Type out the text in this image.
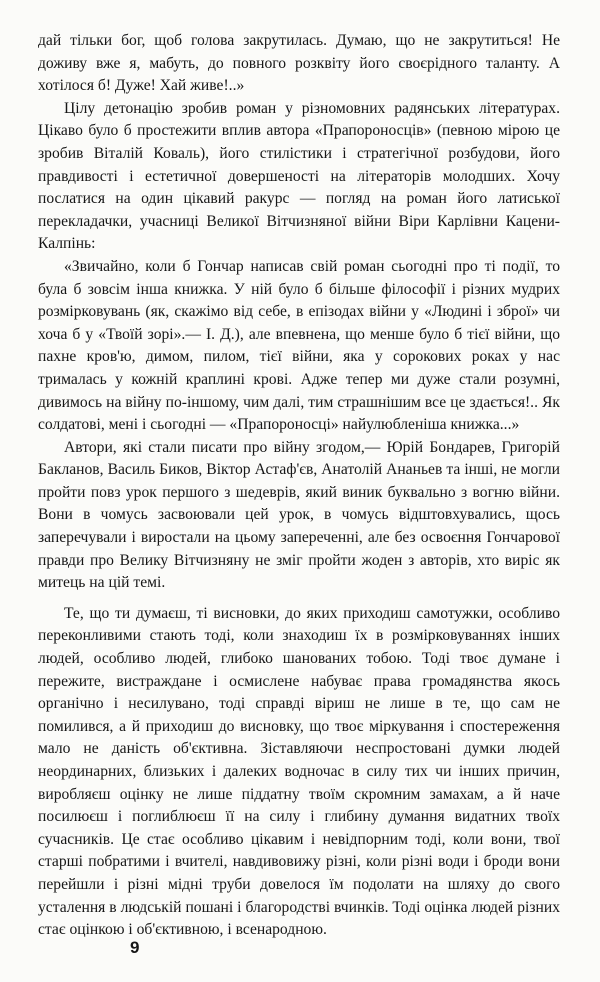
дай тільки бог, щоб голова закрутилась. Думаю, що не закрутиться! Не доживу вже я, мабуть, до повного розквіту його своєрідного таланту. А хотілося б! Дуже! Хай живе!..»

Цілу детонацію зробив роман у різномовних радянських літературах. Цікаво було б простежити вплив автора «Прапороносців» (певною мірою це зробив Віталій Коваль), його стилістики і стратегічної розбудови, його правдивості і естетичної довершеності на літераторів молодших. Хочу послатися на один цікавий ракурс — погляд на роман його латиської перекладачки, учасниці Великої Вітчизняної війни Віри Карлівни Кацени-Калпінь:

«Звичайно, коли б Гончар написав свій роман сьогодні про ті події, то була б зовсім інша книжка. У ній було б більше філософії і різних мудрих розмірковувань (як, скажімо від себе, в епізодах війни у «Людині і зброї» чи хоча б у «Твоїй зорі».— І. Д.), але впевнена, що менше було б тієї війни, що пахне кров'ю, димом, пилом, тієї війни, яка у сорокових роках у нас трималась у кожній краплині крові. Адже тепер ми дуже стали розумні, дивимось на війну по-іншому, чим далі, тим страшнішим все це здається!.. Як солдатові, мені і сьогодні — «Прапороносці» найулюбленіша книжка...»

Автори, які стали писати про війну згодом,— Юрій Бондарев, Григорій Бакланов, Василь Биков, Віктор Астаф'єв, Анатолій Ананьев та інші, не могли пройти повз урок першого з шедеврів, який виник буквально з вогню війни. Вони в чомусь засвоювали цей урок, в чомусь відштовхувались, щось заперечували і виростали на цьому запереченні, але без освоєння Гончарової правди про Велику Вітчизняну не зміг пройти жоден з авторів, хто виріс як митець на цій темі.

Те, що ти думаєш, ті висновки, до яких приходиш самотужки, особливо переконливими стають тоді, коли знаходиш їх в розмірковуваннях інших людей, особливо людей, глибоко шанованих тобою. Тоді твоє думане і пережите, вистраждане і осмислене набуває права громадянства якось органічно і несилувано, тоді справді віриш не лише в те, що сам не помилився, а й приходиш до висновку, що твоє міркування і спостереження мало не даність об'єктивна. Зіставляючи неспростовані думки людей неординарних, близьких і далеких водночас в силу тих чи інших причин, виробляєш оцінку не лише піддатну твоїм скромним замахам, а й наче посилюєш і поглиблюєш її на силу і глибину думання видатних твоїх сучасників. Це стає особливо цікавим і невідпорним тоді, коли вони, твої старші побратими і вчителі, навдивовижу різні, коли різні води і броди вони перейшли і різні мідні труби довелося їм подолати на шляху до свого усталення в людській пошані і благородстві вчинків. Тоді оцінка людей різних стає оцінкою і об'єктивною, і всенародною.

9
